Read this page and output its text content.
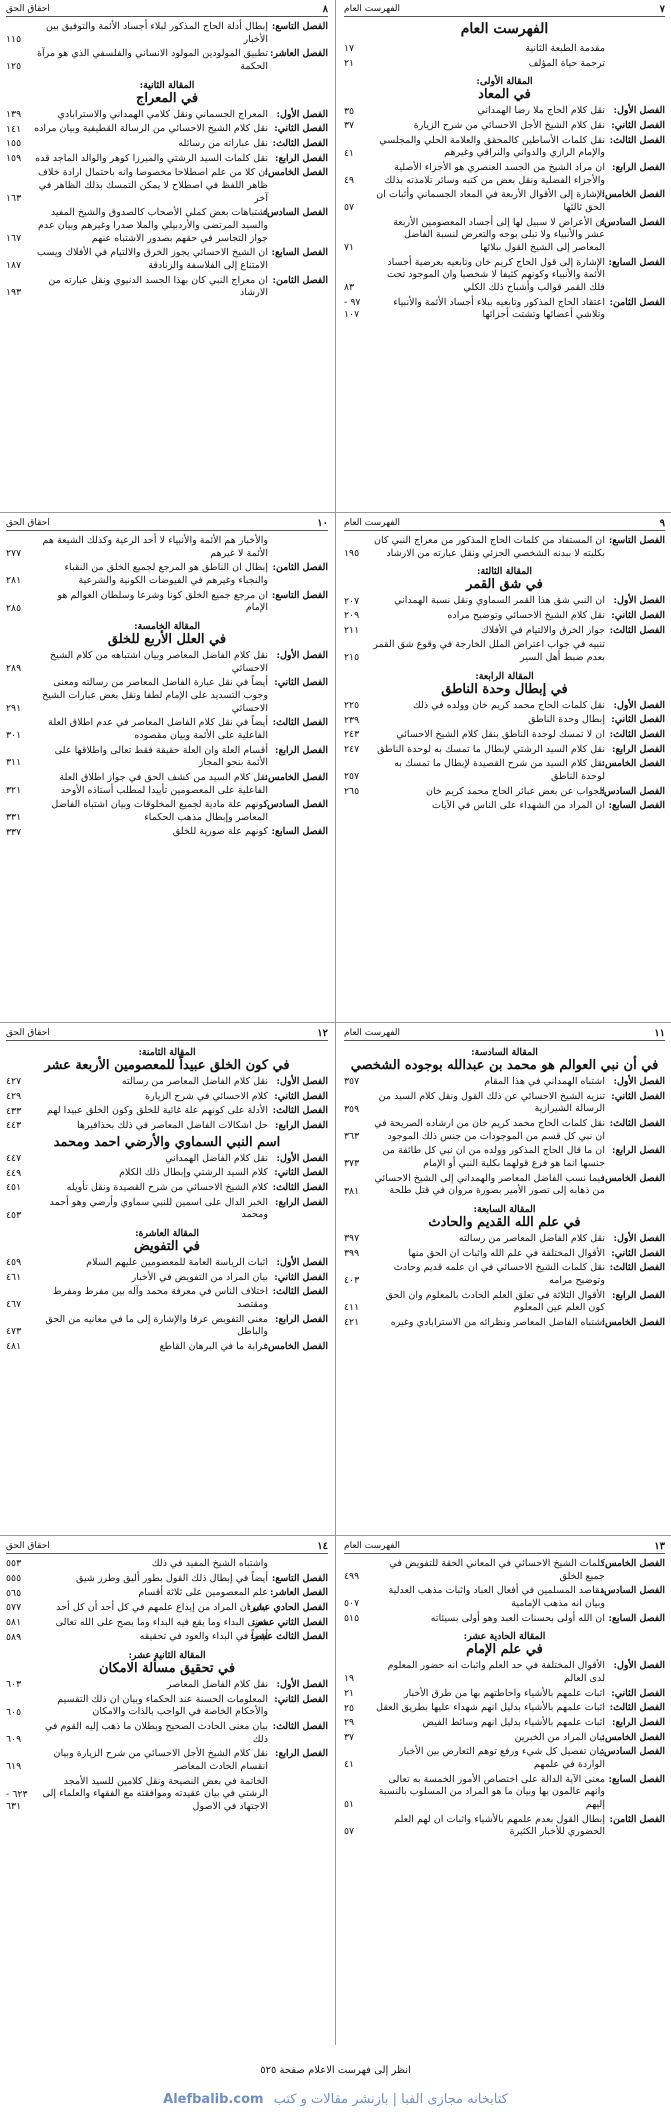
٧
الفهرست العام
الفهرست العام
مقدمة الطبعة الثانية
١٧
ترجمة حياة المؤلف
٢١
المقالة الأولى:
في المعاد
الفصل الأول:
نقل كلام الحاج ملا رضا الهمداني
٣٥
الفصل الثاني:
نقل كلام الشيخ الأجل الاحسائي من شرح الزيارة
٣٧
الفصل الثالث:
نقل كلمات الأساطين كالمحقق والعلامة الحلي والمجلسي والإمام الرازي والدواني والنراقي وغيرهم
٤١
الفصل الرابع:
ان مراد الشيخ من الجسد العنصري هو الأجزاء الأصلية والأجزاء الفضلية ونقل بعض من كتبه وسائر تلامذته بذلك
٤٩
الفصل الخامس:
الإشارة إلى الأقوال الأربعة في المعاد الجسماني وأثبات ان الحق ثالثها
٥٧
الفصل السادس:
ان الأعراض لا سبيل لها إلى أجساد المعصومين الأربعة عشر والأنبياء ولا تبلى بوجه والتعرض لنسبة الفاضل المعاصر إلى الشيخ القول ببلائها
٧١
الفصل السابع:
الإشارة إلى قول الحاج كريم خان وتابعيه بعرضية أجساد الأئمة والأنبياء وكونهم كثيفا لا شخصيا وان الموجود تحت فلك القمر قوالب وأشباح ذلك الكلي
٨٣
الفصل الثامن:
اعتقاد الحاج المذكور وتابعيه ببلاء أجساد الأئمة والأنبياء وتلاشي أعضائها وتشتت أجزائها
٩٧ - ١٠٧
٨
احقاق الحق
الفصل التاسع:
إبطال أدلة الحاج المذكور لبلاء أجساد الأئمة والتوفيق بين الأخبار
١١٥
الفصل العاشر:
تطبيق المولودين المولود الانساني والفلسفي الذي هو مرآة الحكمة
١٢٥
المقالة الثانية:
في المعراج
الفصل الأول:
المعراج الجسماني ونقل كلامي الهمداني والاسترابادي
١٣٩
الفصل الثاني:
نقل كلام الشيخ الاحسائي من الرسالة القطيفية وبيان مراده
١٤١
الفصل الثالث:
نقل عباراته من رسائله
١٥٥
الفصل الرابع:
نقل كلمات السيد الرشتي والميرزا كوهر والوالد الماجد قده
١٥٩
الفصل الخامس:
ان كلا من علم اصطلاحا مخصوصا وانه باحتمال ارادة خلاف ظاهر اللفظ في اصطلاح لا يمكن التمسك بذلك الظاهر في آخر
١٦٣
الفصل السادس:
اشتباهات بعض كملي الأصحاب كالصدوق والشيخ المفيد والسيد المرتضى والأردبيلي والملا صدرا وغيرهم وبيان عدم جواز التجاسر في حقهم بصدور الاشتباه عنهم
١٦٧
الفصل السابع:
ان الشيخ الاحسائي يجوز الخرق والالتيام في الأفلاك ويسب الامتناع إلى الفلاسفة والزنادقة
١٨٧
الفصل الثامن:
ان معراج النبي كان بهذا الجسد الدنيوي ونقل عبارته من الارشاد
١٩٣
٩
الفهرست العام
الفصل التاسع:
ان المستفاد من كلمات الحاج المذكور من معراج النبي كان بكليته لا ببدنه الشخصي الجزئي ونقل عبارته من الارشاد
١٩٥
المقالة الثالثة:
في شق القمر
الفصل الأول:
ان النبي شق هذا القمر السماوي ونقل نسبة الهمداني
٢٠٧
الفصل الثاني:
نقل كلام الشيخ الاحسائي وتوضيح مراده
٢٠٩
الفصل الثالث:
جواز الخرق والالتيام في الأفلاك
٢١١
تنبيه في جواب اعتراض الملل الخارجة في وقوع شق القمر بعدم ضبط أهل السير
٢١٥
المقالة الرابعة:
في إبطال وحدة الناطق
الفصل الأول:
نقل كلمات الحاج محمد كريم خان وولده في ذلك
٢٢٥
الفصل الثاني:
إبطال وحدة الناطق
٢٣٩
الفصل الثالث:
ان لا تمسك لوحدة الناطق بنقل كلام الشيخ الاحسائي
٢٤٣
الفصل الرابع:
نقل كلام السيد الرشتي لإبطال ما تمسك به لوحدة الناطق
٢٤٧
الفصل الخامس:
نقل كلام السيد من شرح القصيدة لإبطال ما تمسك به لوحدة الناطق
٢٥٧
الفصل السادس:
الجواب عن بعض عبائر الحاج محمد كريم خان
٢٦٥
الفصل السابع:
ان المراد من الشهداء على الناس في الآيات
١٠
احقاق الحق
والأخبار هم الأئمة والأنبياء لا أحد الرعية وكذلك الشيعة هم الأئمة لا غيرهم
٢٧٧
الفصل الثامن:
إبطال ان الناطق هو المرجع لجميع الخلق من النقباء والنجباء وغيرهم في الفيوضات الكونية والشرعية
٢٨١
الفصل التاسع:
ان مرجع جميع الخلق كونا وشرعا وسلطان العوالم هو الإمام
٢٨٥
المقالة الخامسة:
في العلل الأربع للخلق
الفصل الأول:
نقل كلام الفاضل المعاصر وبيان اشتباهه من كلام الشيخ الاحسائي
٢٨٩
الفصل الثاني:
أيضاً في نقل عبارة الفاضل المعاصر من رسالته ومعنى وجوب التسديد على الإمام لطفا ونقل بعض عبارات الشيخ الاحسائي
٢٩١
الفصل الثالث:
أيضاً في نقل كلام الفاضل المعاصر في عدم اطلاق العلة الفاعلية على الأئمة وبيان مقصوده
٣٠١
الفصل الرابع:
أقسام العلة وان العلة حقيقة فقط تعالى واطلاقها على الأئمة بنحو المجاز
٣١١
الفصل الخامس:
نقل كلام السيد من كشف الحق في جواز اطلاق العلة الفاعلية على المعصومين تأييدا لمطلب أستاذه الأوحد
٣٢١
الفصل السادس:
كونهم علة مادية لجميع المخلوقات وبيان اشتباه الفاضل المعاصر وإبطال مذهب الحكماء
٣٣١
الفصل السابع:
كونهم علة صورية للخلق
٣٣٧
١١
الفهرست العام
المقالة السادسة:
في أن نبي العوالم هو محمد بن عبدالله بوجوده الشخصي
الفصل الأول:
اشتباه الهمداني في هذا المقام
٣٥٧
الفصل الثاني:
تنزيه الشيخ الاحسائي عن ذلك القول ونقل كلام السيد من الرسالة الشيرازية
٣٥٩
الفصل الثالث:
نقل كلمات الحاج محمد كريم خان من ارشاده الصريحة في ان نبي كل قسم من الموجودات من جنس ذلك الموجود
٣٦٣
الفصل الرابع:
ان ما قال الحاج المذكور وولده من ان نبي كل طائفة من جنسها انما هو فرع قولهما بكلية النبي أو الإمام
٣٧٣
الفصل الخامس:
فيما نسب الفاضل المعاصر والهمداني إلى الشيخ الاحسائي من ذهابه إلى تصور الأمير بصورة مروان في قتل طلحة
٣٨١
المقالة السابعة:
في علم الله القديم والحادث
الفصل الأول:
نقل كلام الفاضل المعاصر من رسالته
٣٩٧
الفصل الثاني:
الأقوال المختلفة في علم الله واثبات ان الحق منها
٣٩٩
الفصل الثالث:
نقل كلمات الشيخ الاحسائي في ان علمه قديم وحادث وتوضيح مرامه
٤٠٣
الفصل الرابع:
الأقوال الثلاثة في تعلق العلم الحادث بالمعلوم وان الحق كون العلم عين المعلوم
٤١١
الفصل الخامس:
اشتباه الفاضل المعاصر ونظرائه من الاسترابادي وغيره
٤٢١
١٢
احقاق الحق
المقالة الثامنة:
في كون الخلق عبيداً للمعصومين الأربعة عشر
الفصل الأول:
نقل كلام الفاضل المعاصر من رسالته
٤٢٧
الفصل الثاني:
كلام الاحسائي في شرح الزيارة
٤٢٩
الفصل الثالث:
الأدلة على كونهم علة غائية للخلق وكون الخلق عبيدا لهم
٤٣٣
الفصل الرابع:
حل اشكالات الفاضل المعاصر في ذلك بحذافيرها
٤٤٣
اسم النبي السماوي والأرضي احمد ومحمد
الفصل الأول:
نقل كلام الفاضل الهمداني
٤٤٧
الفصل الثاني:
كلام السيد الرشتي وإبطال ذلك الكلام
٤٤٩
الفصل الثالث:
كلام الشيخ الاحسائي من شرح القصيدة ونقل تأويله
٤٥١
الفصل الرابع:
الخبر الدال على اسمين للنبي سماوي وأرضي وهو أحمد ومحمد
٤٥٣
المقالة العاشرة:
في التفويض
الفصل الأول:
اثبات الرياسة العامة للمعصومين عليهم السلام
٤٥٩
الفصل الثاني:
بيان المراد من التفويض في الأخبار
٤٦١
الفصل الثالث:
اختلاف الناس في معرفة محمد وآله بين مفرط ومفرط ومقتصد
٤٦٧
الفصل الرابع:
معنى التفويض عرفا والإشارة إلى ما في معانيه من الحق والباطل
٤٧٣
الفصل الخامس:
غرابة ما في البرهان القاطع
٤٨١
١٣
الفهرست العام
الفصل الخامس:
كلمات الشيخ الاحسائي في المعاني الحقة للتفويض في جميع الخلق
٤٩٩
الفصل السادس:
مقاصد المسلمين في أفعال العباد واثبات مذهب العدلية وبيان انه مذهب الإمامية
٥٠٧
الفصل السابع:
ان الله أولى بحسنات العبد وهو أولى بسيئاته
٥١٥
المقالة الحادية عشر:
في علم الإمام
الفصل الأول:
الأقوال المختلفة في حد العلم واثبات انه حضور المعلوم لدى العالم
١٩
الفصل الثاني:
اثبات علمهم بالأشياء واحاطتهم بها من طرق الأخبار
٢١
الفصل الثالث:
اثبات علمهم بالأشياء بدليل انهم شهداء عليها بطريق العقل
٢٥
الفصل الرابع:
اثبات علمهم بالأشياء بدليل انهم وسائط الفيض
٢٩
الفصل الخامس:
بيان المراد من الخبرين
٣٧
الفصل السادس:
بيان تفصيل كل شيء ورفع توهم التعارض بين الأخبار الواردة في علمهم
٤١
الفصل السابع:
معنى الآية الدالة على اختصاص الأمور الخمسة به تعالى وانهم عالمون بها وبيان ما هو المراد من المسلوب بالنسبة إليهم
٥١
الفصل الثامن:
إبطال القول بعدم علمهم بالأشياء واثبات ان لهم العلم الحضوري للأخبار الكثيرة
٥٧
١٤
احقاق الحق
واشتباه الشيخ المفيد في ذلك
٥٥٣
الفصل التاسع:
أيضاً في إبطال ذلك القول بطور أليق وطرز شيق
٥٥٥
الفصل العاشر:
علم المعصومين على ثلاثة أقسام
٥٦٥
الفصل الحادي عشر:
بيان ان المراد من إيداع علمهم في كل أحد أن كل أحد
٥٧٧
الفصل الثاني عشر:
معنى البداء وما يقع فيه البداء وما يصح على الله تعالى
٥٨١
الفصل الثالث عشر:
أيضاً في البداء والعود في تحقيقه
٥٨٩
المقالة الثانية عشر:
في تحقيق مسألة الامكان
الفصل الأول:
نقل كلام الفاضل المعاصر
٦٠٣
الفصل الثاني:
المعلومات الحسنة عند الحكماء وبيان ان ذلك التقسيم والأحكام الخاصة في الواجب بالذات والامكان
٦٠٥
الفصل الثالث:
بيان معنى الحادث الصحيح وبطلان ما ذهب إليه القوم في ذلك
٦٠٩
الفصل الرابع:
نقل كلام الشيخ الأجل الاحسائي من شرح الزيارة وبيان انقسام الحادث المعاصر
٦١٩
الخاتمة في بعض النصيحة ونقل كلامين للسيد الأمجد الرشتي في بيان عقيدته وموافقته مع الفقهاء والعلماء إلى الاجتهاد في الاصول
٦٢٣ - ٦٣١
انظر إلى فهرست الاعلام صفحة ٥٢٥
كتابخانه مجازى الفبا | بازنشر مقالات و كتب
Alefbalib.com
